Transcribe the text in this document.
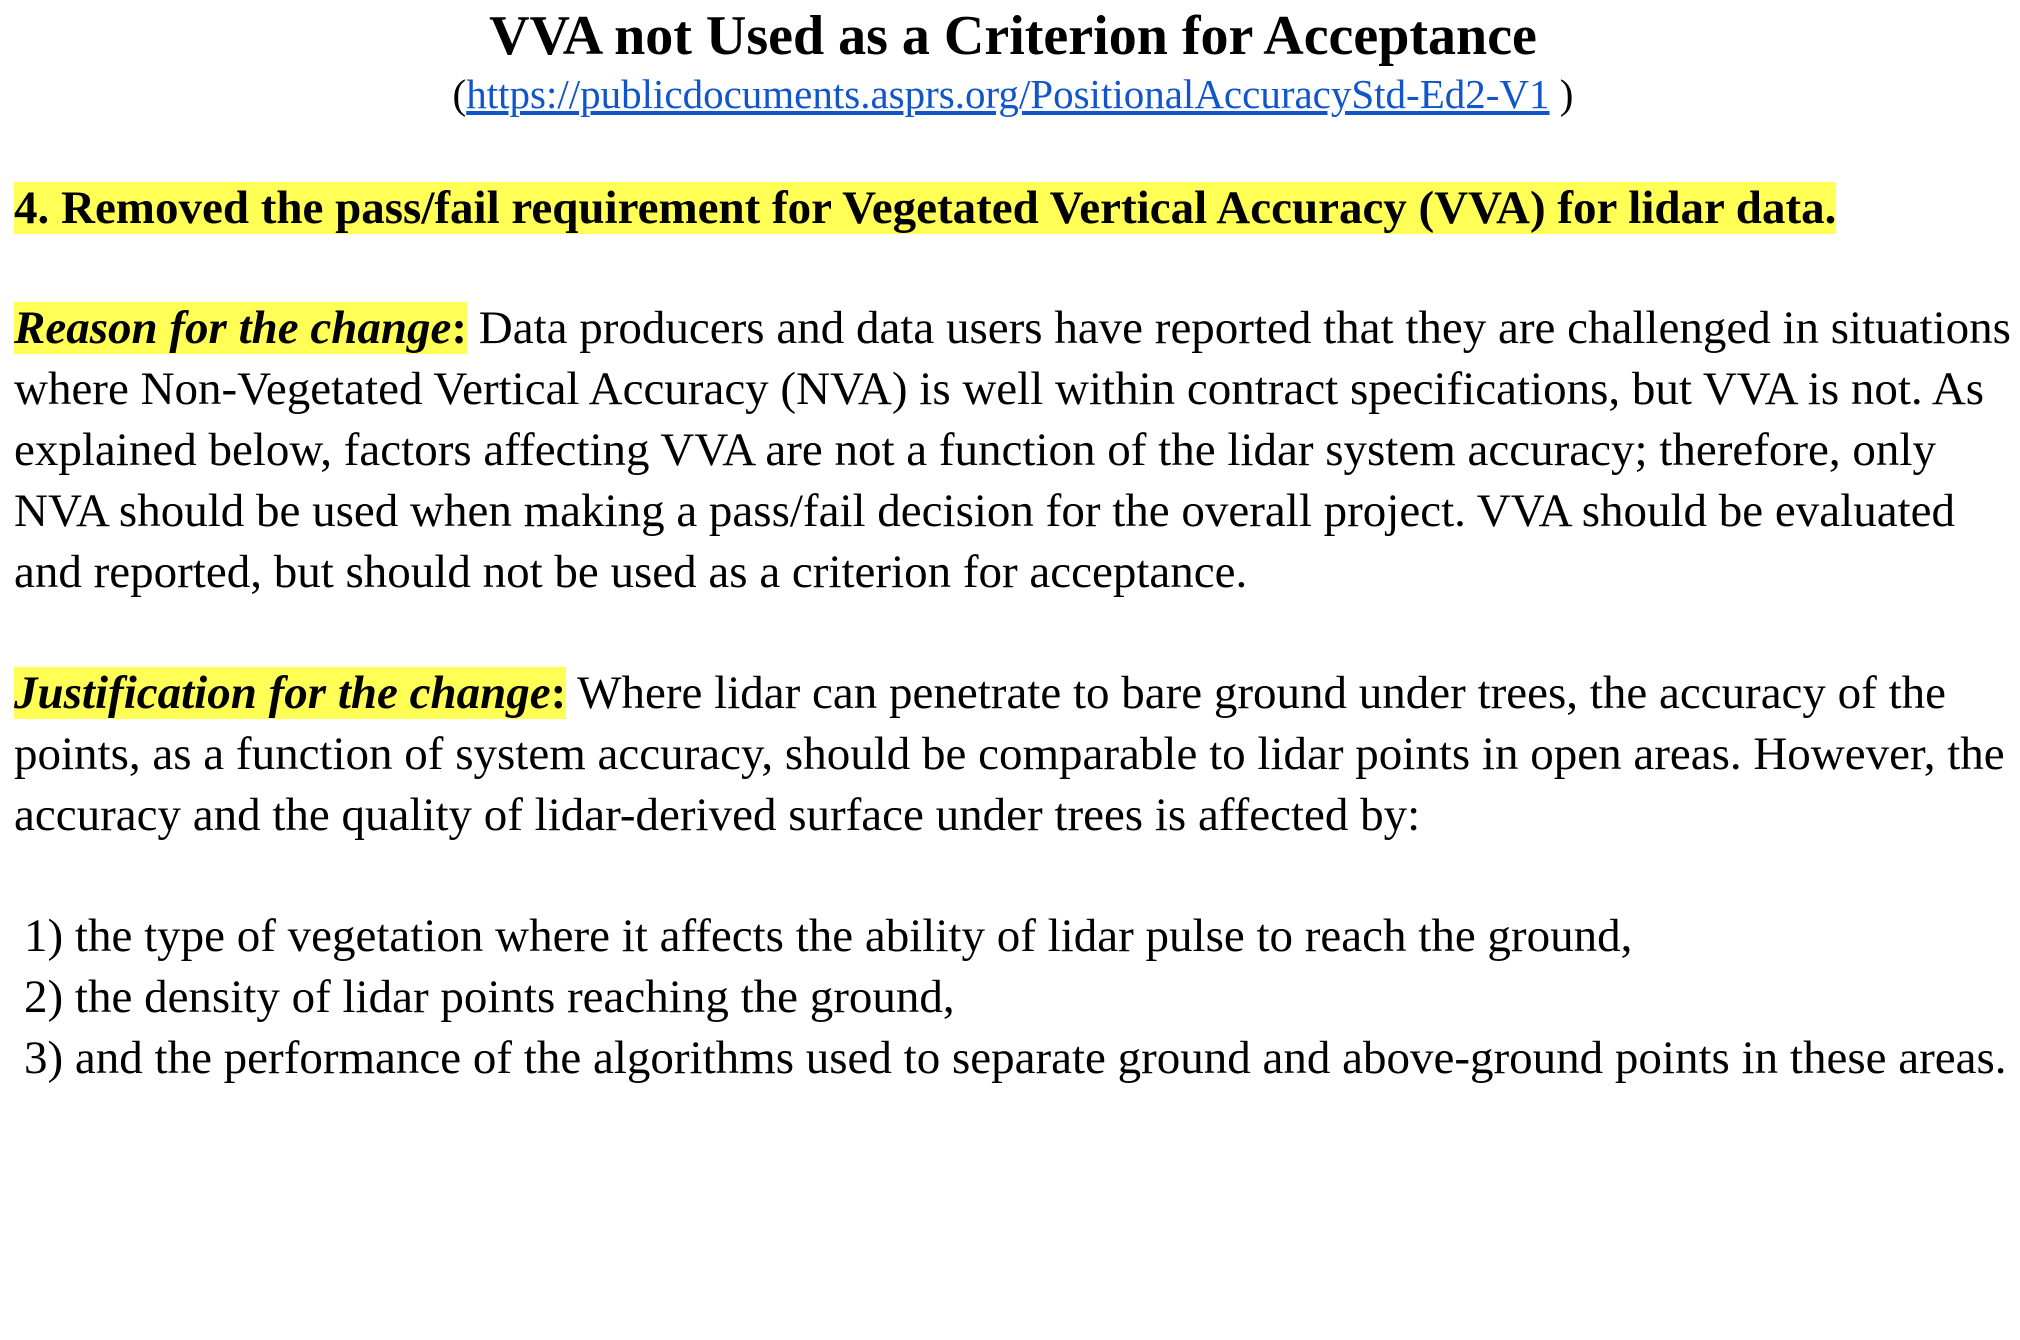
VVA not Used as a Criterion for Acceptance
(https://publicdocuments.asprs.org/PositionalAccuracyStd-Ed2-V1 )
4. Removed the pass/fail requirement for Vegetated Vertical Accuracy (VVA) for lidar data.
Reason for the change: Data producers and data users have reported that they are challenged in situations where Non-Vegetated Vertical Accuracy (NVA) is well within contract specifications, but VVA is not. As explained below, factors affecting VVA are not a function of the lidar system accuracy; therefore, only NVA should be used when making a pass/fail decision for the overall project. VVA should be evaluated and reported, but should not be used as a criterion for acceptance.
Justification for the change: Where lidar can penetrate to bare ground under trees, the accuracy of the points, as a function of system accuracy, should be comparable to lidar points in open areas. However, the accuracy and the quality of lidar-derived surface under trees is affected by:
1) the type of vegetation where it affects the ability of lidar pulse to reach the ground,
2) the density of lidar points reaching the ground,
3) and the performance of the algorithms used to separate ground and above-ground points in these areas.
